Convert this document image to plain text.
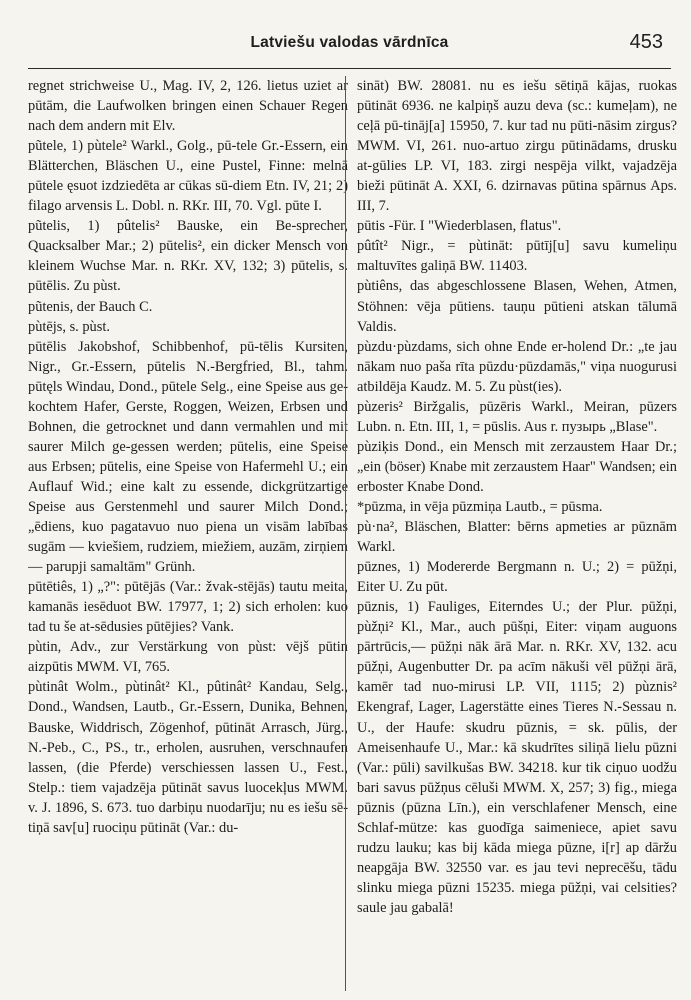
Latviešu valodas vārdnīca	453

regnet strichweise U., Mag. IV, 2, 126. lietus uziet ar pūtām, die Laufwolken bringen einen Schauer Regen nach dem andern mit Elv.

pũtele, 1) pùtele² Warkl., Golg., pū-tele Gr.-Essern, ein Blätterchen, Bläschen U., eine Pustel, Finne: melnā pūtele ęsuot izdziedēta ar cūkas sū-diem Etn. IV, 21; 2) filago arvensis L. Dobl. n. RKr. III, 70. Vgl. pūte I.

pũtelis, 1) pûtelis² Bauske, ein Be-sprecher, Quacksalber Mar.; 2) pūtelis², ein dicker Mensch von kleinem Wuchse Mar. n. RKr. XV, 132; 3) pūtelis, s. pūtēlis. Zu pùst.

pũtenis, der Bauch C.

pùtējs, s. pùst.

pūtēlis Jakobshof, Schibbenhof, pū-tēlis Kursiten, Nigr., Gr.-Essern, pūtelis N.-Bergfried, Bl., tahm. pūtęls Windau, Dond., pūtele Selg., eine Speise aus ge-kochtem Hafer, Gerste, Roggen, Weizen, Erbsen und Bohnen, die getrocknet und dann vermahlen und mit saurer Milch ge-gessen werden; pūtelis, eine Speise aus Erbsen; pūtelis, eine Speise von Hafermehl U.; ein Auflauf Wid.; eine kalt zu essende, dickgrützartige Speise aus Gerstenmehl und saurer Milch Dond.; „ēdiens, kuo pagatavuo nuo piena un visām labības sugām — kviešiem, rudziem, miežiem, auzām, zirņiem — parupji samaltām" Grünh.

pūtētiês, 1) „?": pūtējās (Var.: žvak-stējās) tautu meita, kamanās iesēduot BW. 17977, 1; 2) sich erholen: kuo tad tu še at-sēdusies pūtējies? Vank.

pùtin, Adv., zur Verstärkung von pùst: vējš pūtin aizpūtis MWM. VI, 765.

pùtinât Wolm., pùtinât² Kl., pûtinât² Kandau, Selg., Dond., Wandsen, Lautb., Gr.-Essern, Dunika, Behnen, Bauske, Widdrisch, Zögenhof, pūtināt Arrasch, Jürg., N.-Peb., C., PS., tr., erholen, ausruhen, verschnaufen lassen, (die Pferde) verschiessen lassen U., Fest., Stelp.: tiem vajadzēja pūtināt savus luocekļus MWM. v. J. 1896, S. 673. tuo darbiņu nuodarīju; nu es iešu sē-tiņā sav[u] ruociņu pūtināt (Var.: du-

sināt) BW. 28081. nu es iešu sētiņā kājas, ruokas pūtināt 6936. ne kalpiņš auzu deva (sc.: kumeļam), ne ceļā pū-tināj[a] 15950, 7. kur tad nu pūti-nāsim zirgus? MWM. VI, 261. nuo-artuo zirgu pūtinādams, drusku at-gūlies LP. VI, 183. zirgi nespēja vilkt, vajadzēja bieži pūtināt A. XXI, 6. dzirnavas pūtina spārnus Aps. III, 7.

pūtis -Für. I "Wiederblasen, flatus".

pûtît² Nigr., = pùtināt: pūtīj[u] savu kumeliņu maltuvītes galiņā BW. 11403.

pùtiêns, das abgeschlossene Blasen, Wehen, Atmen, Stöhnen: vēja pūtiens. tauņu pūtieni atskan tālumā Valdis.

pùzdu·pùzdams, sich ohne Ende er-holend Dr.: „te jau nākam nuo paša rīta pūzdu·pūzdamās," viņa nuogurusi atbildēja Kaudz. M. 5. Zu pùst(ies).

pùzeris² Biržgalis, pūzēris Warkl., Meiran, pūzers Lubn. n. Etn. III, 1, = pūslis. Aus r. пузырь „Blase".

pùziķis Dond., ein Mensch mit zerzaustem Haar Dr.; „ein (böser) Knabe mit zerzaustem Haar" Wandsen; ein erboster Knabe Dond.

*pūzma, in vēja pūzmiņa Lautb., = pūsma.

pù·na², Bläschen, Blatter: bērns apmeties ar pūznām Warkl.

pūznes, 1) Modererde Bergmann n. U.; 2) = pūžņi, Eiter U. Zu pūt.

pūznis, 1) Fauliges, Eiterndes U.; der Plur. pūžņi, pùžņi² Kl., Mar., auch pūšņi, Eiter: viņam auguons pārtrūcis,— pūžņi nāk ārā Mar. n. RKr. XV, 132. acu pūžņi, Augenbutter Dr. pa acīm nākuši vēl pūžņi ārā, kamēr tad nuo-mirusi LP. VII, 1115; 2) pùznis² Ekengraf, Lager, Lagerstätte eines Tieres N.-Sessau n. U., der Haufe: skudru pūznis, = sk. pūlis, der Ameisenhaufe U., Mar.: kā skudrītes siliņā lielu pūzni (Var.: pūli) savilkušas BW. 34218. kur tik ciņuo uodžu bari savus pūžņus cēluši MWM. X, 257; 3) fig., miega pūznis (pūzna Līn.), ein verschlafener Mensch, eine Schlaf-mütze: kas guodīga saimeniece, apiet savu rudzu lauku; kas bij kāda miega pūzne, i[r] ap dāržu neapgāja BW. 32550 var. es jau tevi neprecēšu, tādu slinku miega pūzni 15235. miega pūžņi, vai celsities? saule jau gabalā!
